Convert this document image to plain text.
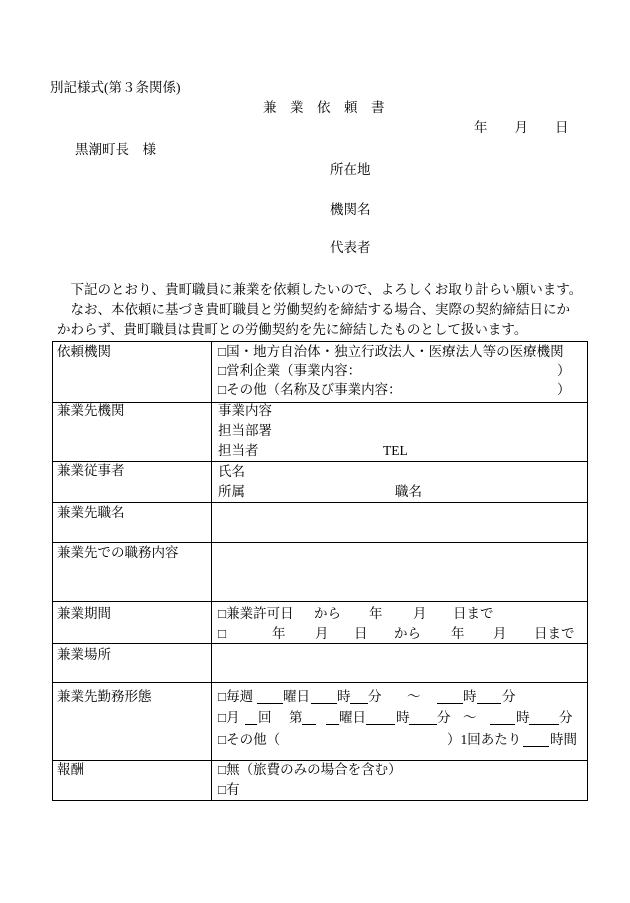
別記様式(第３条関係)
兼　業　依　頼　書
年　　月　　日
黒潮町長　様
所在地
機関名
代表者
　下記のとおり、貴町職員に兼業を依頼したいので、よろしくお取り計らい願います。
　なお、本依頼に基づき貴町職員と労働契約を締結する場合、実際の契約締結日にか
かわらず、貴町職員は貴町との労働契約を先に締結したものとして扱います。
依頼機関	□国・地方自治体・独立行政法人・医療法人等の医療機関
□営利企業（事業内容：	）
□その他（名称及び事業内容：	）
兼業先機関	事業内容
担当部署
担当者	TEL
兼業従事者	氏名
所属	職名
兼業先職名
兼業先での職務内容
兼業期間	□兼業許可日 から 年 月 日まで
□	年 月 日 から 年 月 日まで
兼業場所
兼業先勤務形態	□毎週 曜日 時 分 ～	時 分
□月 回 第	曜日 時 分 ～	時 分
□その他（	）1回あたり 時間
報酬	□無（旅費のみの場合を含む）
□有
